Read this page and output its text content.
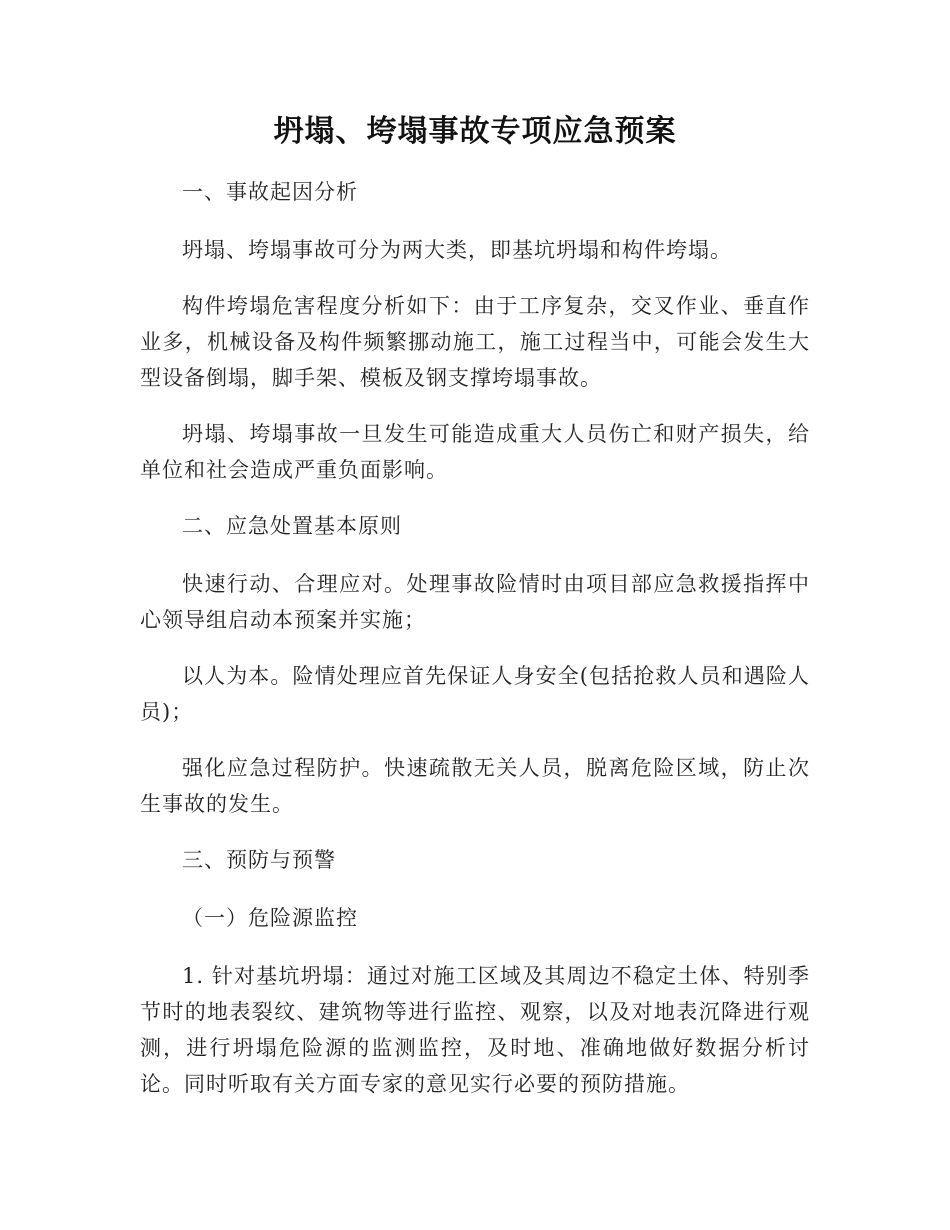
坍塌、垮塌事故专项应急预案

一、事故起因分析

坍塌、垮塌事故可分为两大类，即基坑坍塌和构件垮塌。

构件垮塌危害程度分析如下：由于工序复杂，交叉作业、垂直作业多，机械设备及构件频繁挪动施工，施工过程当中，可能会发生大型设备倒塌，脚手架、模板及钢支撑垮塌事故。

坍塌、垮塌事故一旦发生可能造成重大人员伤亡和财产损失，给单位和社会造成严重负面影响。

二、应急处置基本原则

快速行动、合理应对。处理事故险情时由项目部应急救援指挥中心领导组启动本预案并实施；

以人为本。险情处理应首先保证人身安全(包括抢救人员和遇险人员)；

强化应急过程防护。快速疏散无关人员，脱离危险区域，防止次生事故的发生。

三、预防与预警

（一）危险源监控

1. 针对基坑坍塌：通过对施工区域及其周边不稳定土体、特别季节时的地表裂纹、建筑物等进行监控、观察，以及对地表沉降进行观测，进行坍塌危险源的监测监控，及时地、准确地做好数据分析讨论。同时听取有关方面专家的意见实行必要的预防措施。
